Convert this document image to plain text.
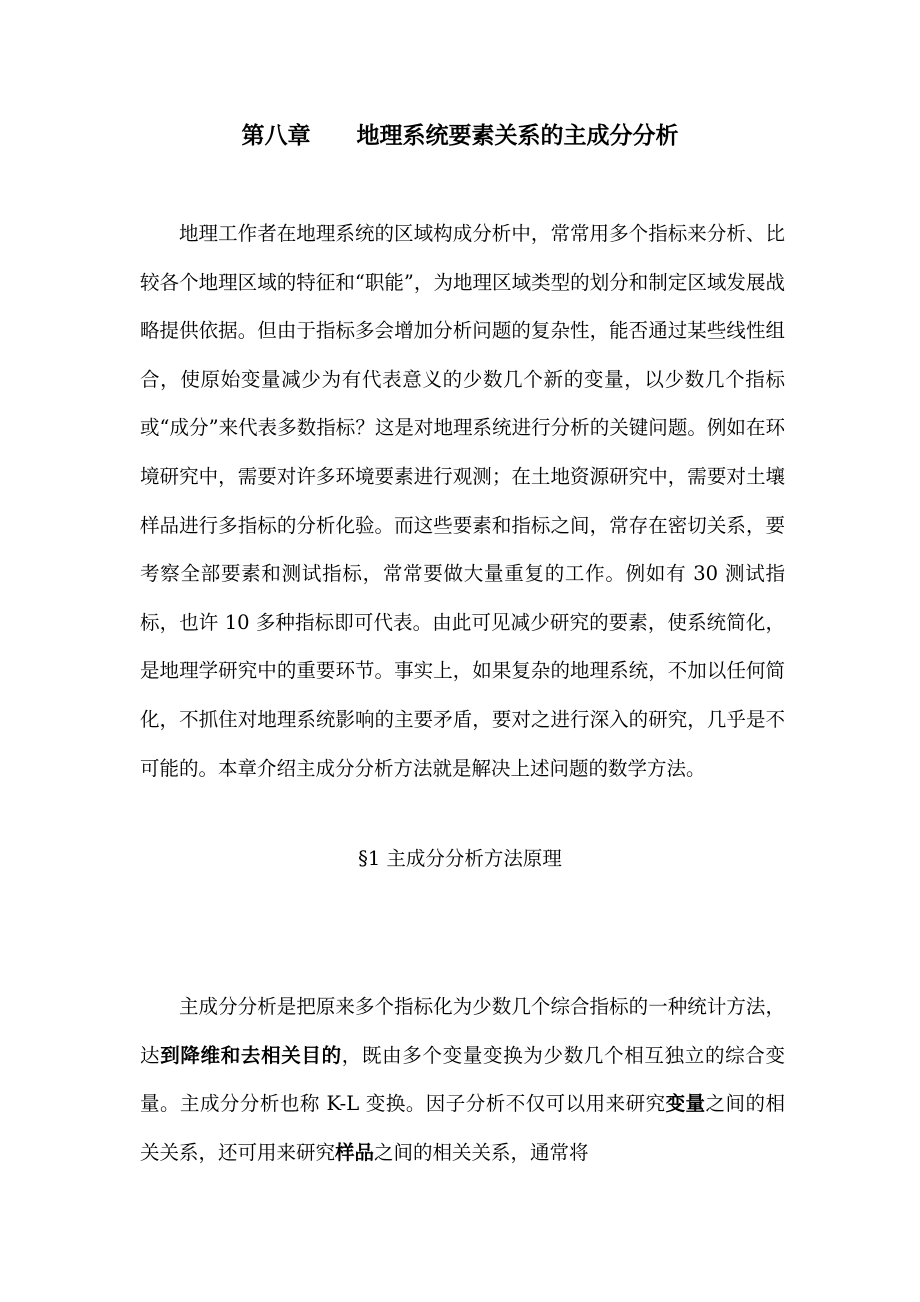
第八章　　地理系统要素关系的主成分分析

地理工作者在地理系统的区域构成分析中，常常用多个指标来分析、比较各个地理区域的特征和“职能”，为地理区域类型的划分和制定区域发展战略提供依据。但由于指标多会增加分析问题的复杂性，能否通过某些线性组合，使原始变量减少为有代表意义的少数几个新的变量，以少数几个指标或“成分”来代表多数指标？这是对地理系统进行分析的关键问题。例如在环境研究中，需要对许多环境要素进行观测；在土地资源研究中，需要对土壤样品进行多指标的分析化验。而这些要素和指标之间，常存在密切关系，要考察全部要素和测试指标，常常要做大量重复的工作。例如有 30 测试指标，也许 10 多种指标即可代表。由此可见减少研究的要素，使系统简化，是地理学研究中的重要环节。事实上，如果复杂的地理系统，不加以任何简化，不抓住对地理系统影响的主要矛盾，要对之进行深入的研究，几乎是不可能的。本章介绍主成分分析方法就是解决上述问题的数学方法。

§1 主成分分析方法原理

主成分分析是把原来多个指标化为少数几个综合指标的一种统计方法，达到降维和去相关目的，既由多个变量变换为少数几个相互独立的综合变量。主成分分析也称 K-L 变换。因子分析不仅可以用来研究变量之间的相关关系，还可用来研究样品之间的相关关系，通常将
